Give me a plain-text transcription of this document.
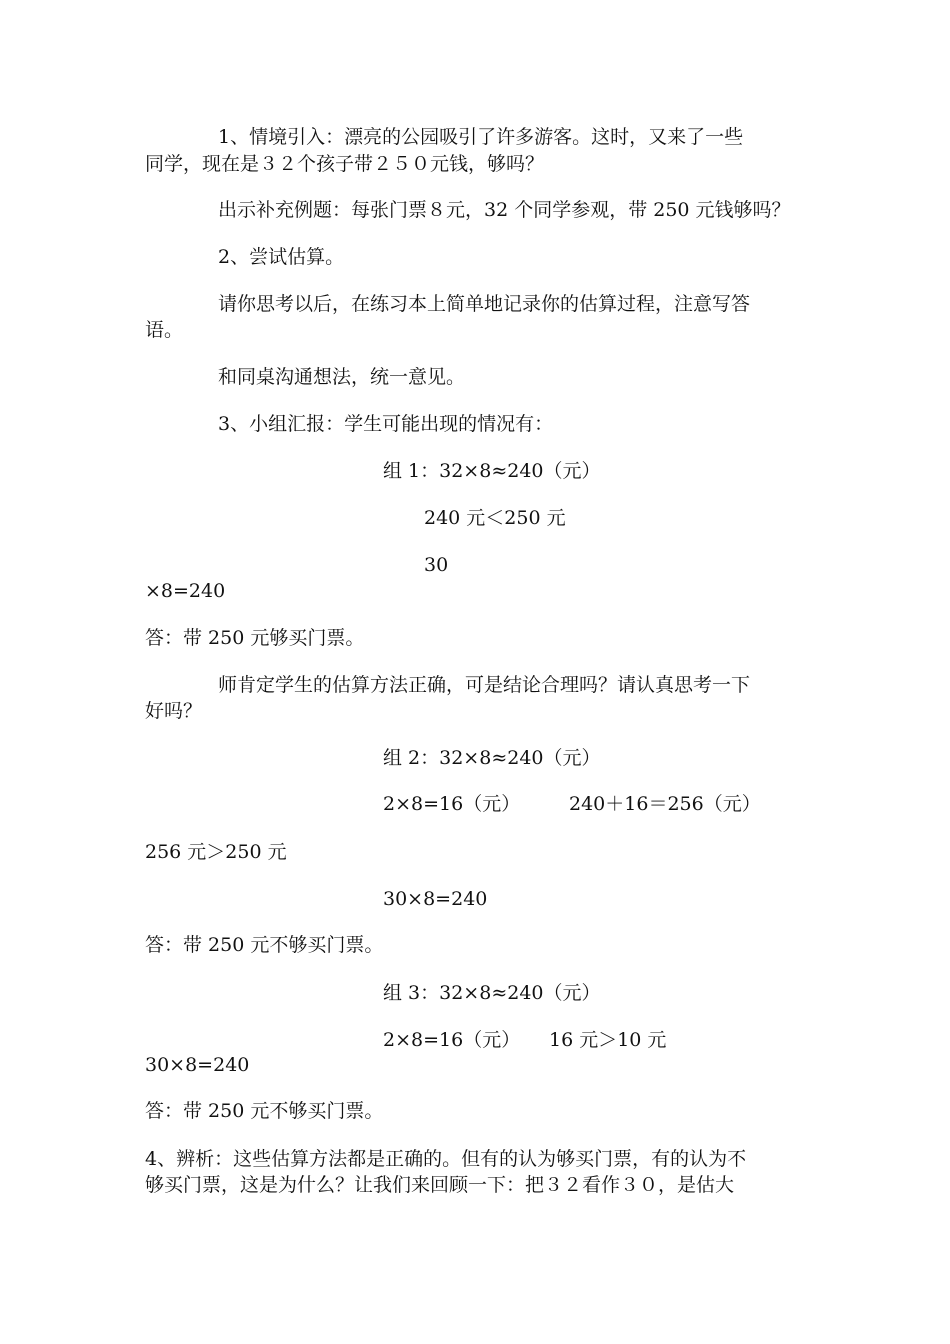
1、情境引入：漂亮的公园吸引了许多游客。这时，又来了一些
同学，现在是３２个孩子带２５０元钱，够吗？
出示补充例题：每张门票８元，32 个同学参观，带 250 元钱够吗？
2、尝试估算。
请你思考以后，在练习本上简单地记录你的估算过程，注意写答
语。
和同桌沟通想法，统一意见。
3、小组汇报：学生可能出现的情况有：
组 1：32×8≈240（元）
240 元＜250 元
30
×8=240
答：带 250 元够买门票。
师肯定学生的估算方法正确，可是结论合理吗？请认真思考一下
好吗？
组 2：32×8≈240（元）
2×8=16（元）	240＋16＝256（元）
256 元＞250 元
30×8=240
答：带 250 元不够买门票。
组 3：32×8≈240（元）
2×8=16（元） 16 元＞10 元
30×8=240
答：带 250 元不够买门票。
4、辨析：这些估算方法都是正确的。但有的认为够买门票，有的认为不
够买门票，这是为什么？让我们来回顾一下：把３２看作３０，是估大
